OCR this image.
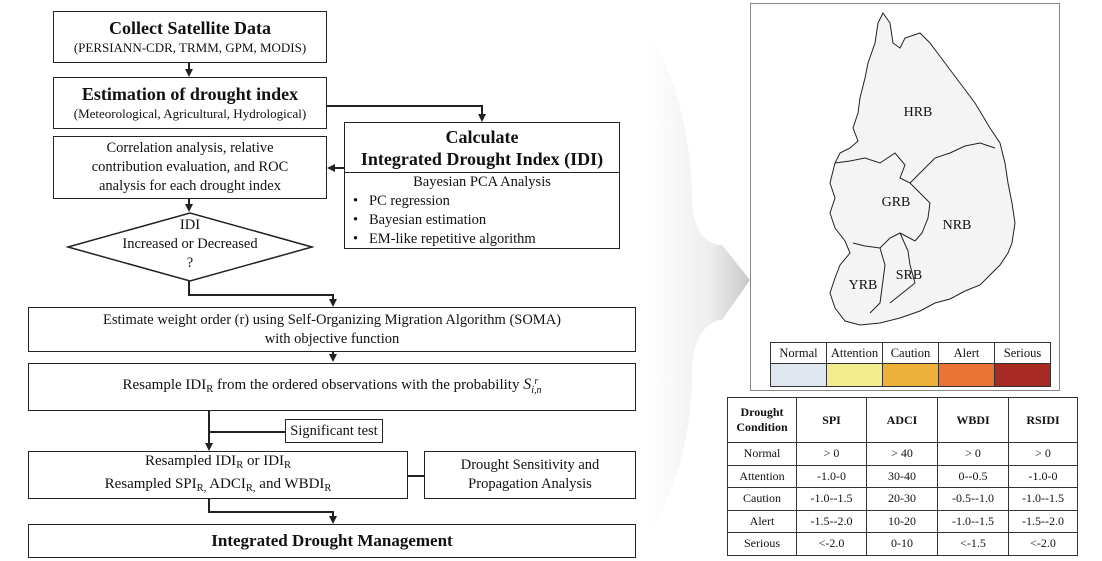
Collect Satellite Data
(PERSIANN-CDR, TRMM, GPM, MODIS)
Estimation of drought index
(Meteorological, Agricultural, Hydrological)
Correlation analysis, relative
contribution evaluation, and ROC
analysis for each drought index
Calculate
Integrated Drought Index (IDI)
Bayesian PCA Analysis
•   PC regression
•   Bayesian estimation
•   EM-like repetitive algorithm
IDI
Increased or Decreased
?
Estimate weight order (r) using Self-Organizing Migration Algorithm (SOMA)
with objective function
Resample $IDI_R$ from the ordered observations with the probability S r
i,n
Significant test
Resampled $IDI_R$ or $IDI_R$
Resampled $SPI_{R,}$ $ADCI_{R,}$ and $WBDI_R$
Drought Sensitivity and
Propagation Analysis
Integrated Drought Management
HRB
GRB
NRB
SRB
YRB
Normal	Attention	Caution	Alert	Serious

Drought Condition	SPI	ADCI	WBDI	RSIDI
Normal	> 0	> 40	> 0	> 0
Attention	-1.0-0	30-40	0--0.5	-1.0-0
Caution	-1.0--1.5	20-30	-0.5--1.0	-1.0--1.5
Alert	-1.5--2.0	10-20	-1.0--1.5	-1.5--2.0
Serious	<-2.0	0-10	<-1.5	<-2.0
